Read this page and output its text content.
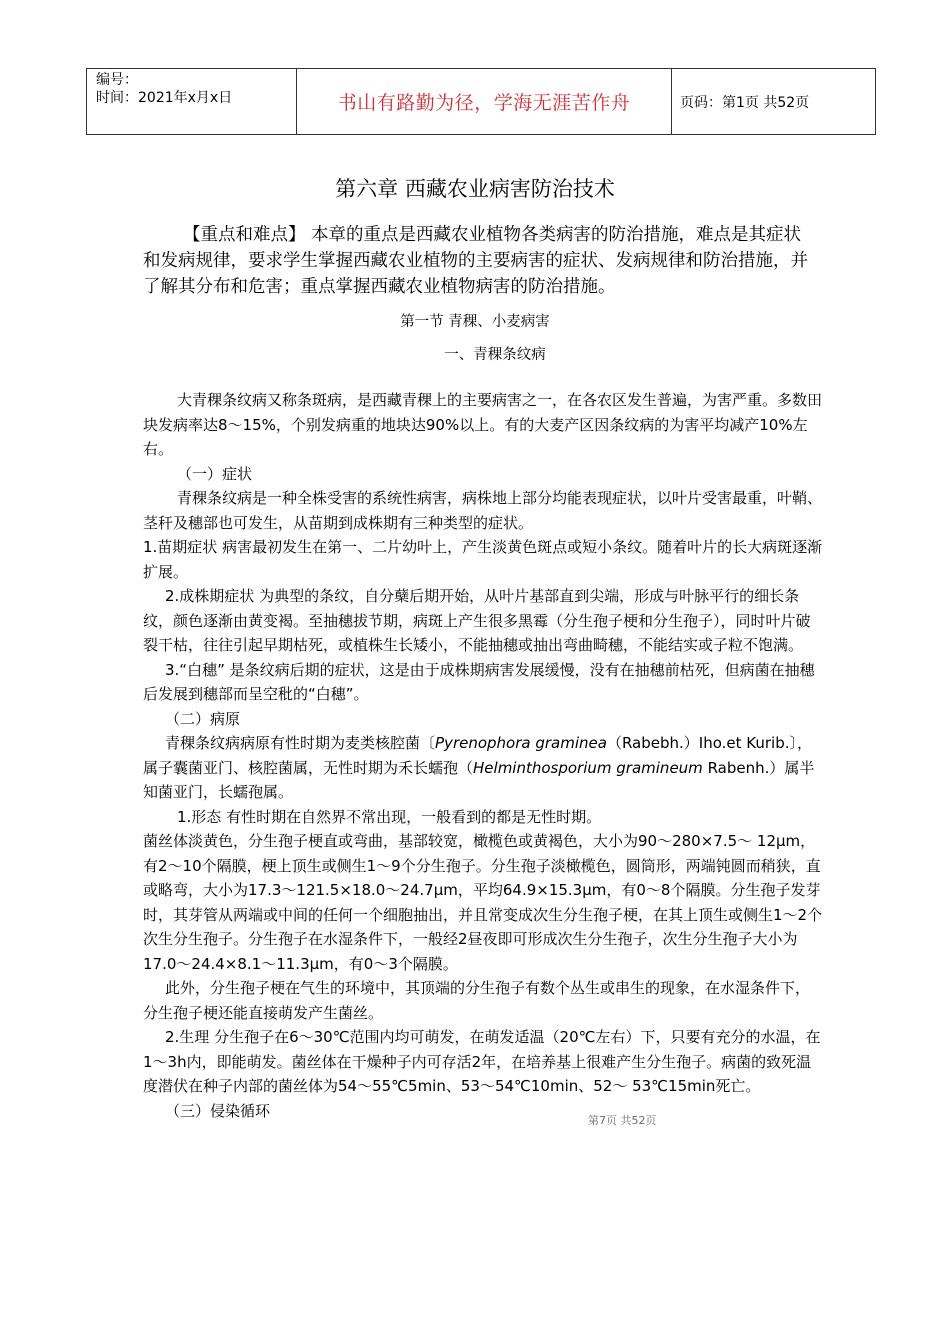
编号：
时间：2021年x月x日	书山有路勤为径，学海无涯苦作舟	页码：第1页 共52页
第六章 西藏农业病害防治技术

【重点和难点】 本章的重点是西藏农业植物各类病害的防治措施，难点是其症状和发病规律，要求学生掌握西藏农业植物的主要病害的症状、发病规律和防治措施，并了解其分布和危害；重点掌握西藏农业植物病害的防治措施。

第一节 青稞、小麦病害
一、青稞条纹病

大青稞条纹病又称条斑病，是西藏青稞上的主要病害之一，在各农区发生普遍，为害严重。多数田块发病率达8～15%，个别发病重的地块达90%以上。有的大麦产区因条纹病的为害平均减产10%左右。

（一）症状

青稞条纹病是一种全株受害的系统性病害，病株地上部分均能表现症状，以叶片受害最重，叶鞘、茎秆及穗部也可发生，从苗期到成株期有三种类型的症状。

1.苗期症状 病害最初发生在第一、二片幼叶上，产生淡黄色斑点或短小条纹。随着叶片的长大病斑逐渐扩展。

2.成株期症状 为典型的条纹，自分蘖后期开始，从叶片基部直到尖端，形成与叶脉平行的细长条纹，颜色逐渐由黄变褐。至抽穗拔节期，病斑上产生很多黑霉（分生孢子梗和分生孢子），同时叶片破裂干枯，往往引起早期枯死，或植株生长矮小，不能抽穗或抽出弯曲畸穗，不能结实或子粒不饱满。

3.“白穗” 是条纹病后期的症状，这是由于成株期病害发展缓慢，没有在抽穗前枯死，但病菌在抽穗后发展到穗部而呈空秕的“白穗”。

（二）病原

青稞条纹病病原有性时期为麦类核腔菌〔Pyrenophora graminea（Rabebh.）Iho.et Kurib.〕，属子囊菌亚门、核腔菌属，无性时期为禾长蠕孢（Helminthosporium gramineum Rabenh.）属半知菌亚门，长蠕孢属。

1.形态 有性时期在自然界不常出现，一般看到的都是无性时期。

菌丝体淡黄色，分生孢子梗直或弯曲，基部较宽，橄榄色或黄褐色，大小为90～280×7.5～ 12μm，有2～10个隔膜，梗上顶生或侧生1～9个分生孢子。分生孢子淡橄榄色，圆筒形，两端钝圆而稍狭，直或略弯，大小为17.3～121.5×18.0～24.7μm，平均64.9×15.3μm，有0～8个隔膜。分生孢子发芽时，其芽管从两端或中间的任何一个细胞抽出，并且常变成次生分生孢子梗，在其上顶生或侧生1～2个次生分生孢子。分生孢子在水湿条件下，一般经2昼夜即可形成次生分生孢子，次生分生孢子大小为17.0～24.4×8.1～11.3μm，有0～3个隔膜。

此外，分生孢子梗在气生的环境中，其顶端的分生孢子有数个丛生或串生的现象，在水湿条件下，分生孢子梗还能直接萌发产生菌丝。

2.生理 分生孢子在6～30℃范围内均可萌发，在萌发适温（20℃左右）下，只要有充分的水温，在1～3h内，即能萌发。菌丝体在干燥种子内可存活2年，在培养基上很难产生分生孢子。病菌的致死温度潜伏在种子内部的菌丝体为54～55℃5min、53～54℃10min、52～ 53℃15min死亡。

（三）侵染循环

第7页 共52页
